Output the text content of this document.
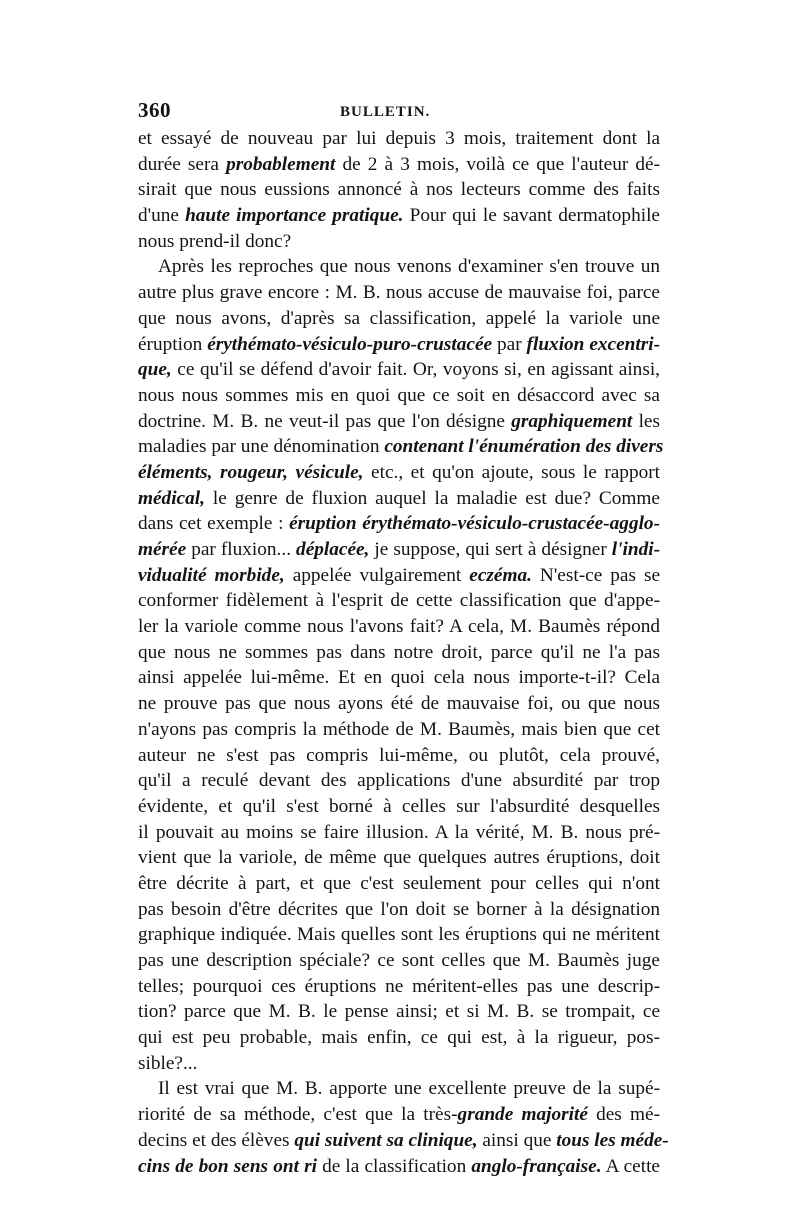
360	BULLETIN.
et essayé de nouveau par lui depuis 3 mois, traitement dont la
durée sera probablement de 2 à 3 mois, voilà ce que l'auteur dé-
sirait que nous eussions annoncé à nos lecteurs comme des faits
d'une haute importance pratique. Pour qui le savant dermatophile
nous prend-il donc?
Après les reproches que nous venons d'examiner s'en trouve un
autre plus grave encore : M. B. nous accuse de mauvaise foi, parce
que nous avons, d'après sa classification, appelé la variole une
éruption érythémato-vésiculo-puro-crustacée par fluxion excentri-
que, ce qu'il se défend d'avoir fait. Or, voyons si, en agissant ainsi,
nous nous sommes mis en quoi que ce soit en désaccord avec sa
doctrine. M. B. ne veut-il pas que l'on désigne graphiquement les
maladies par une dénomination contenant l'énumération des divers
éléments, rougeur, vésicule, etc., et qu'on ajoute, sous le rapport
médical, le genre de fluxion auquel la maladie est due? Comme
dans cet exemple : éruption érythémato-vésiculo-crustacée-agglo-
mérée par fluxion... déplacée, je suppose, qui sert à désigner l'indi-
vidualité morbide, appelée vulgairement eczéma. N'est-ce pas se
conformer fidèlement à l'esprit de cette classification que d'appe-
ler la variole comme nous l'avons fait? A cela, M. Baumès répond
que nous ne sommes pas dans notre droit, parce qu'il ne l'a pas
ainsi appelée lui-même. Et en quoi cela nous importe-t-il? Cela
ne prouve pas que nous ayons été de mauvaise foi, ou que nous
n'ayons pas compris la méthode de M. Baumès, mais bien que cet
auteur ne s'est pas compris lui-même, ou plutôt, cela prouvé,
qu'il a reculé devant des applications d'une absurdité par trop
évidente, et qu'il s'est borné à celles sur l'absurdité desquelles
il pouvait au moins se faire illusion. A la vérité, M. B. nous pré-
vient que la variole, de même que quelques autres éruptions, doit
être décrite à part, et que c'est seulement pour celles qui n'ont
pas besoin d'être décrites que l'on doit se borner à la désignation
graphique indiquée. Mais quelles sont les éruptions qui ne méritent
pas une description spéciale? ce sont celles que M. Baumès juge
telles; pourquoi ces éruptions ne méritent-elles pas une descrip-
tion? parce que M. B. le pense ainsi; et si M. B. se trompait, ce
qui est peu probable, mais enfin, ce qui est, à la rigueur, pos-
sible?...
Il est vrai que M. B. apporte une excellente preuve de la supé-
riorité de sa méthode, c'est que la très-grande majorité des mé-
decins et des élèves qui suivent sa clinique, ainsi que tous les méde-
cins de bon sens ont ri de la classification anglo-française. A cette
